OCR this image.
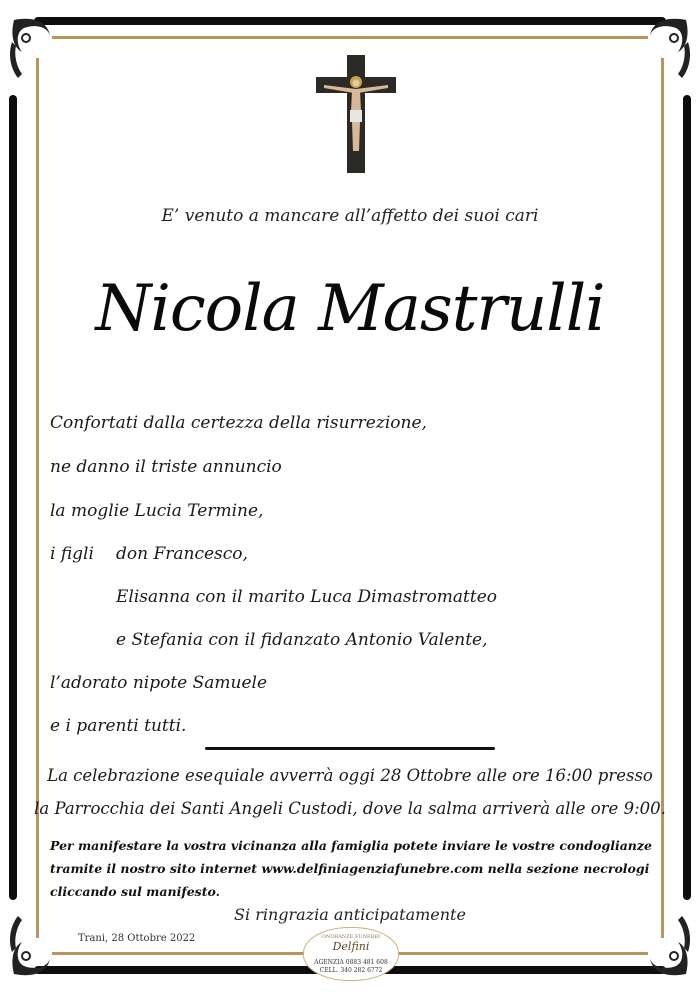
E’ venuto a mancare all’affetto dei suoi cari
Nicola Mastrulli
Confortati dalla certezza della risurrezione,
ne danno il triste annuncio
la moglie Lucia Termine,
i figli don Francesco,
Elisanna con il marito Luca Dimastromatteo
e Stefania con il fidanzato Antonio Valente,
l’adorato nipote Samuele
e i parenti tutti.
La celebrazione esequiale avverrà oggi 28 Ottobre alle ore 16:00 presso
la Parrocchia dei Santi Angeli Custodi, dove la salma arriverà alle ore 9:00.
Per manifestare la vostra vicinanza alla famiglia potete inviare le vostre condoglianze
tramite il nostro sito internet www.delfiniagenziafunebre.com nella sezione necrologi
cliccando sul manifesto.
Si ringrazia anticipatamente
Trani, 28 Ottobre 2022	ONORANZE FUNEBRI
Delfini
AGENZIA 0883 481 608
CELL. 340 282 6772
